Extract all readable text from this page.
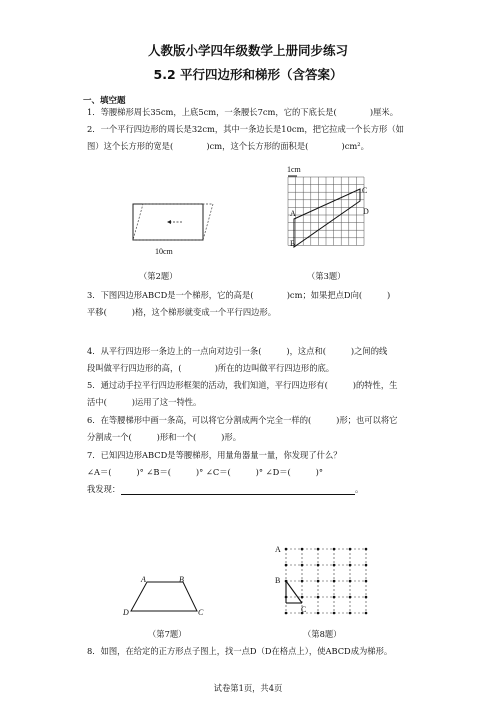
人教版小学四年级数学上册同步练习
5.2 平行四边形和梯形（含答案）
一、填空题
1．等腰梯形周长35cm，上底5cm，一条腰长7cm，它的下底长是(　　　　)厘米。
2．一个平行四边形的周长是32cm，其中一条边长是10cm，把它拉成一个长方形（如
图）这个长方形的宽是(　　　　)cm，这个长方形的面积是(　　　　)cm²。
10cm
（第2题）
1cm
A
B
C
D
（第3题）
3．下图四边形ABCD是一个梯形，它的高是(　　　　)cm；如果把点D向(　　　)
平移(　　　)格，这个梯形就变成一个平行四边形。
4．从平行四边形一条边上的一点向对边引一条(　　　)，这点和(　　　)之间的线
段叫做平行四边形的高，(　　　　)所在的边叫做平行四边形的底。
5．通过动手拉平行四边形框架的活动，我们知道，平行四边形有(　　　)的特性，生
活中(　　　)运用了这一特性。
6．在等腰梯形中画一条高，可以将它分割成两个完全一样的(　　　)形；也可以将它
分割成一个(　　　)形和一个(　　　)形。
7．已知四边形ABCD是等腰梯形，用量角器量一量，你发现了什么？
∠A＝(　　　)° ∠B＝(　　　)° ∠C＝(　　　)° ∠D＝(　　　)°
我发现：	。
A	B
D	C
（第7题）
A
B
C
（第8题）
8．如图，在给定的正方形点子图上，找一点D（D在格点上），使ABCD成为梯形。
试卷第1页，共4页
